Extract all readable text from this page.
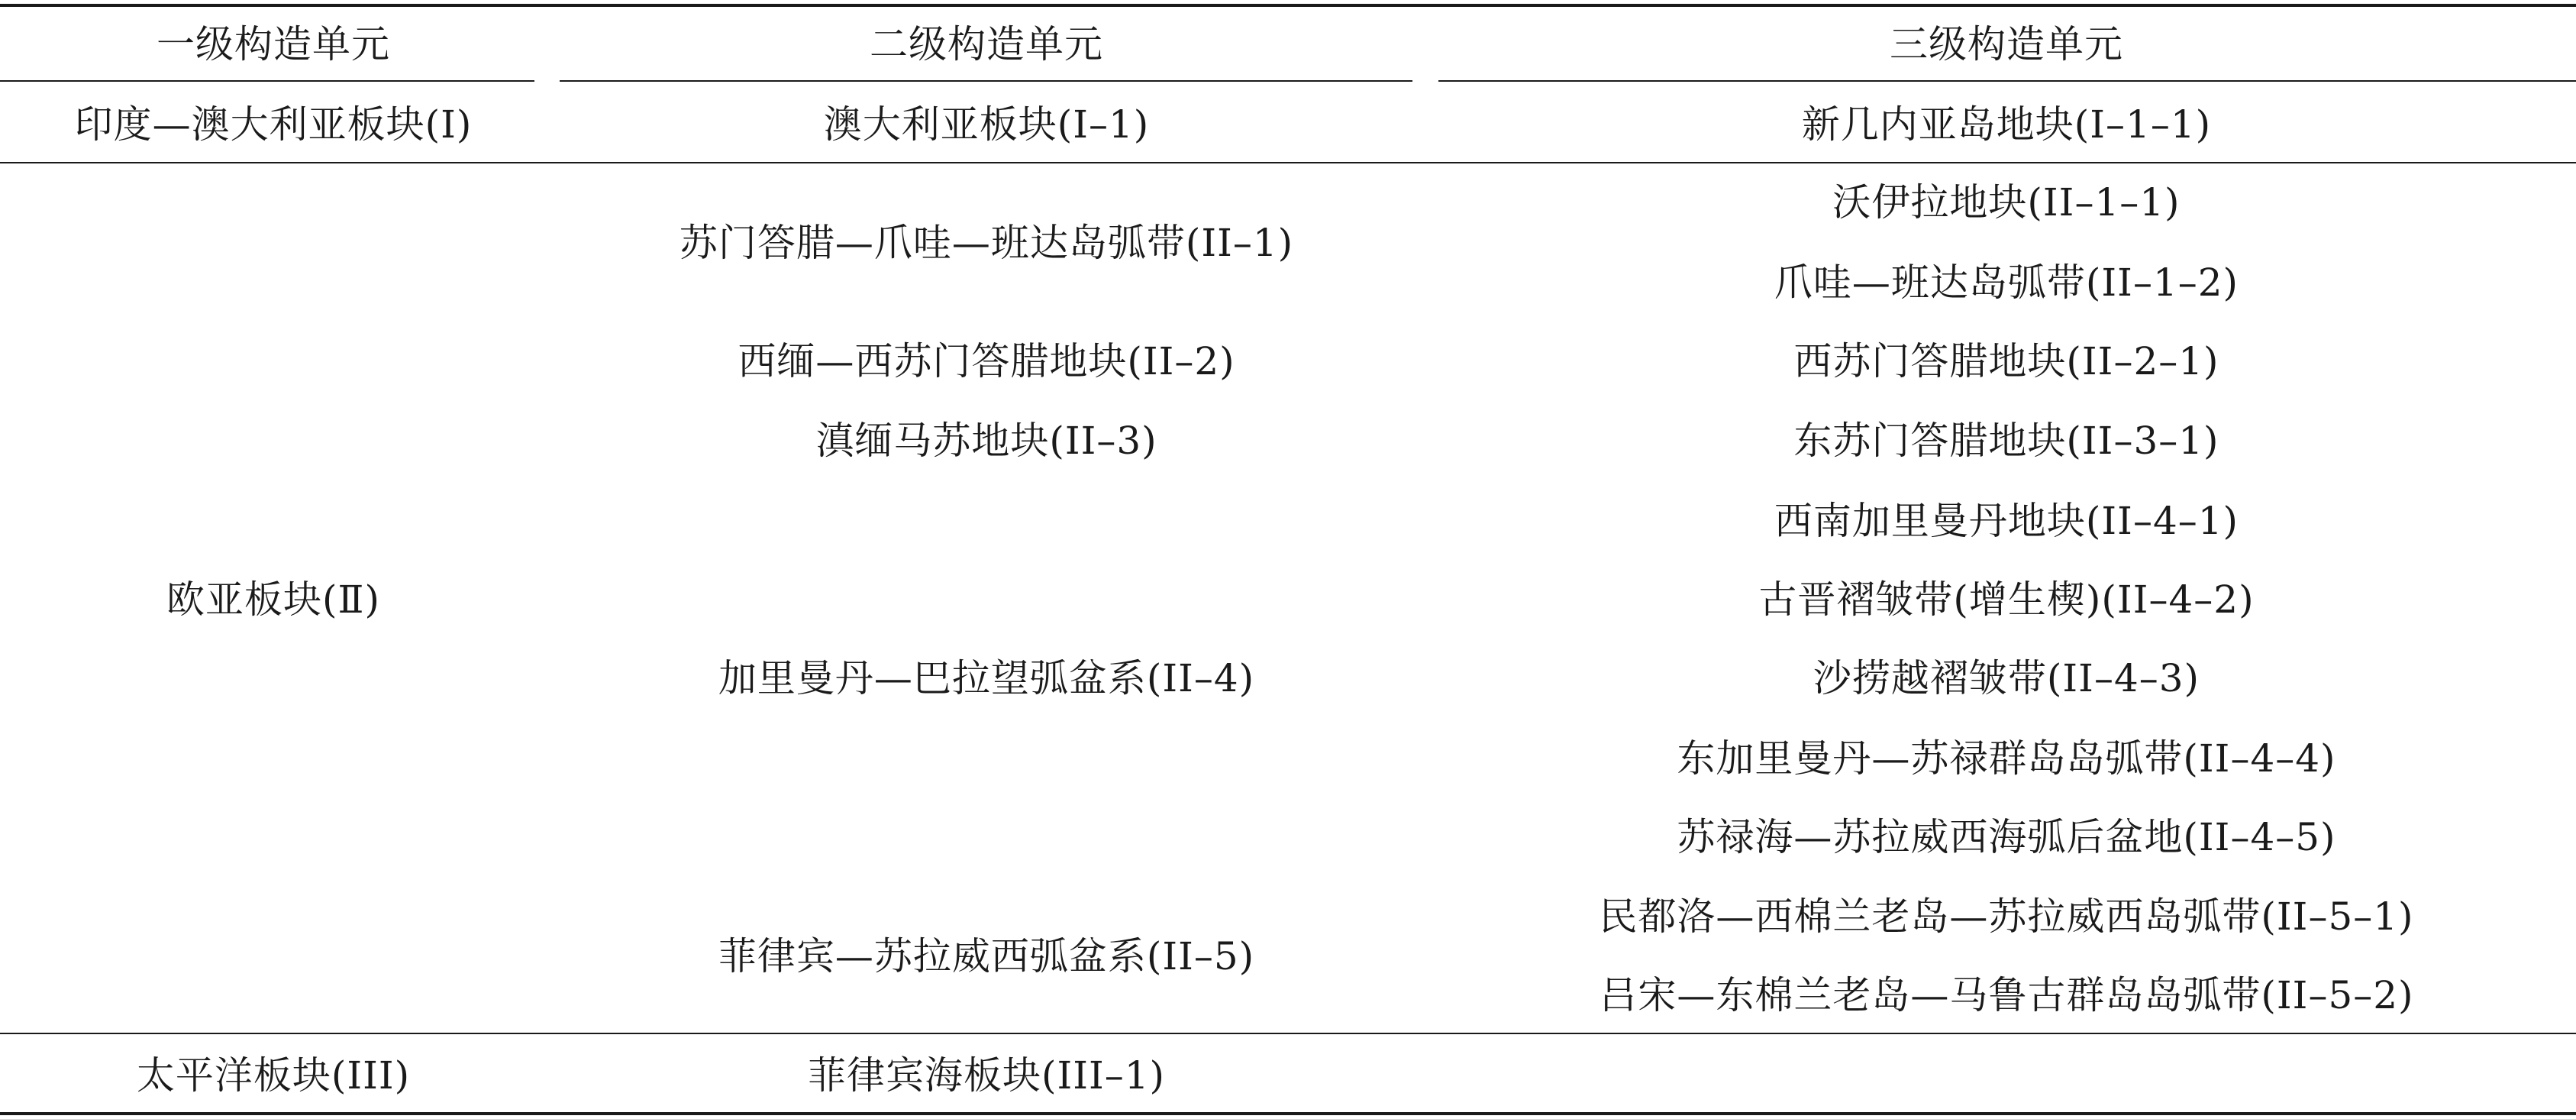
一级构造单元	二级构造单元	三级构造单元
印度—澳大利亚板块(Ⅰ)
欧亚板块(Ⅱ)
太平洋板块(III)
澳大利亚板块(I–1)
苏门答腊—爪哇—班达岛弧带(II–1)
西缅—西苏门答腊地块(II–2)
滇缅马苏地块(II–3)
加里曼丹—巴拉望弧盆系(II–4)
菲律宾—苏拉威西弧盆系(II–5)
菲律宾海板块(III–1)
新几内亚岛地块(I–1–1)
沃伊拉地块(II–1–1)
爪哇—班达岛弧带(II–1–2)
西苏门答腊地块(II–2–1)
东苏门答腊地块(II–3–1)
西南加里曼丹地块(II–4–1)
古晋褶皱带(增生楔)(II–4–2)
沙捞越褶皱带(II–4–3)
东加里曼丹—苏禄群岛岛弧带(II–4–4)
苏禄海—苏拉威西海弧后盆地(II–4–5)
民都洛—西棉兰老岛—苏拉威西岛弧带(II–5–1)
吕宋—东棉兰老岛—马鲁古群岛岛弧带(II–5–2)
